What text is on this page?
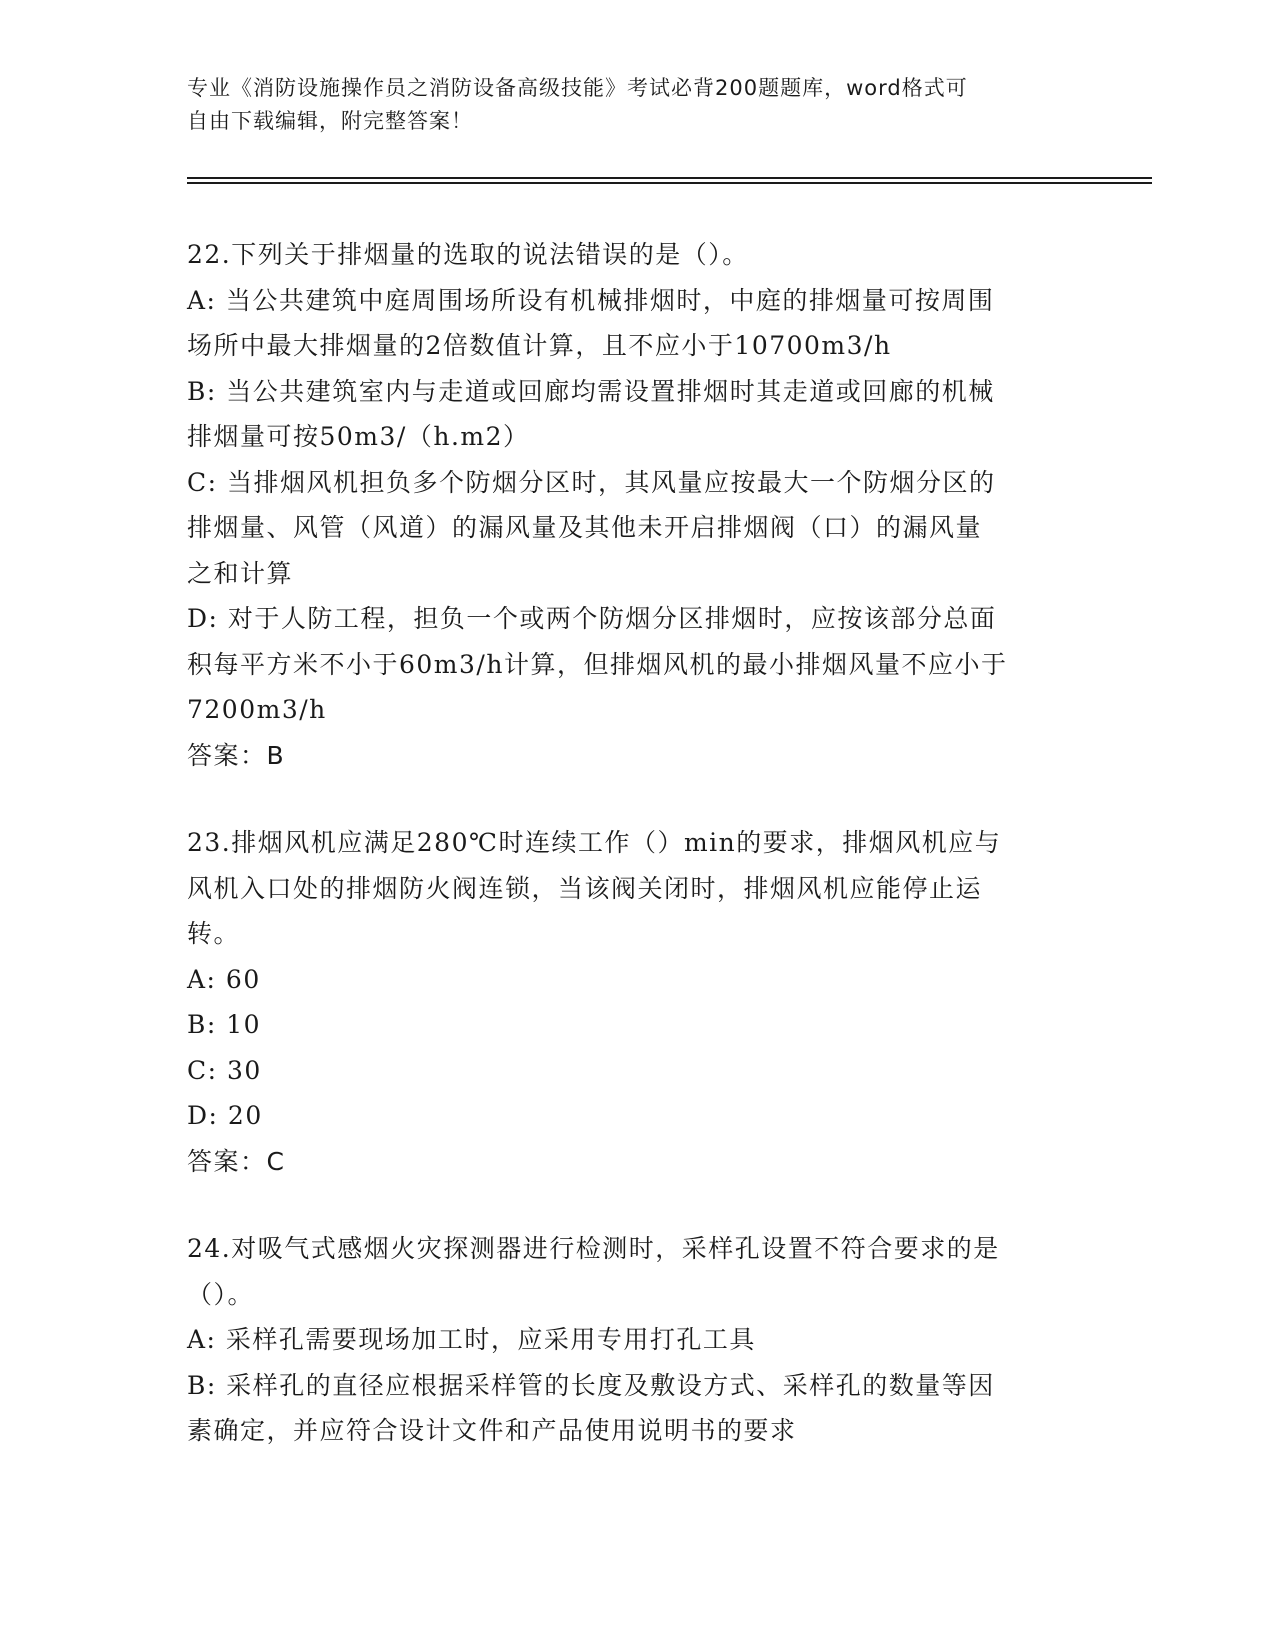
专业《消防设施操作员之消防设备高级技能》考试必背200题题库，word格式可
自由下载编辑，附完整答案！

22.下列关于排烟量的选取的说法错误的是（）。

A: 当公共建筑中庭周围场所设有机械排烟时，中庭的排烟量可按周围

场所中最大排烟量的2倍数值计算，且不应小于10700m3/h

B: 当公共建筑室内与走道或回廊均需设置排烟时其走道或回廊的机械

排烟量可按50m3/（h.m2）

C: 当排烟风机担负多个防烟分区时，其风量应按最大一个防烟分区的

排烟量、风管（风道）的漏风量及其他未开启排烟阀（口）的漏风量

之和计算

D: 对于人防工程，担负一个或两个防烟分区排烟时，应按该部分总面

积每平方米不小于60m3/h计算，但排烟风机的最小排烟风量不应小于

7200m3/h

答案：B

23.排烟风机应满足280℃时连续工作（）min的要求，排烟风机应与

风机入口处的排烟防火阀连锁，当该阀关闭时，排烟风机应能停止运

转。

A: 60

B: 10

C: 30

D: 20

答案：C

24.对吸气式感烟火灾探测器进行检测时，采样孔设置不符合要求的是

（）。

A: 采样孔需要现场加工时，应采用专用打孔工具

B: 采样孔的直径应根据采样管的长度及敷设方式、采样孔的数量等因

素确定，并应符合设计文件和产品使用说明书的要求
